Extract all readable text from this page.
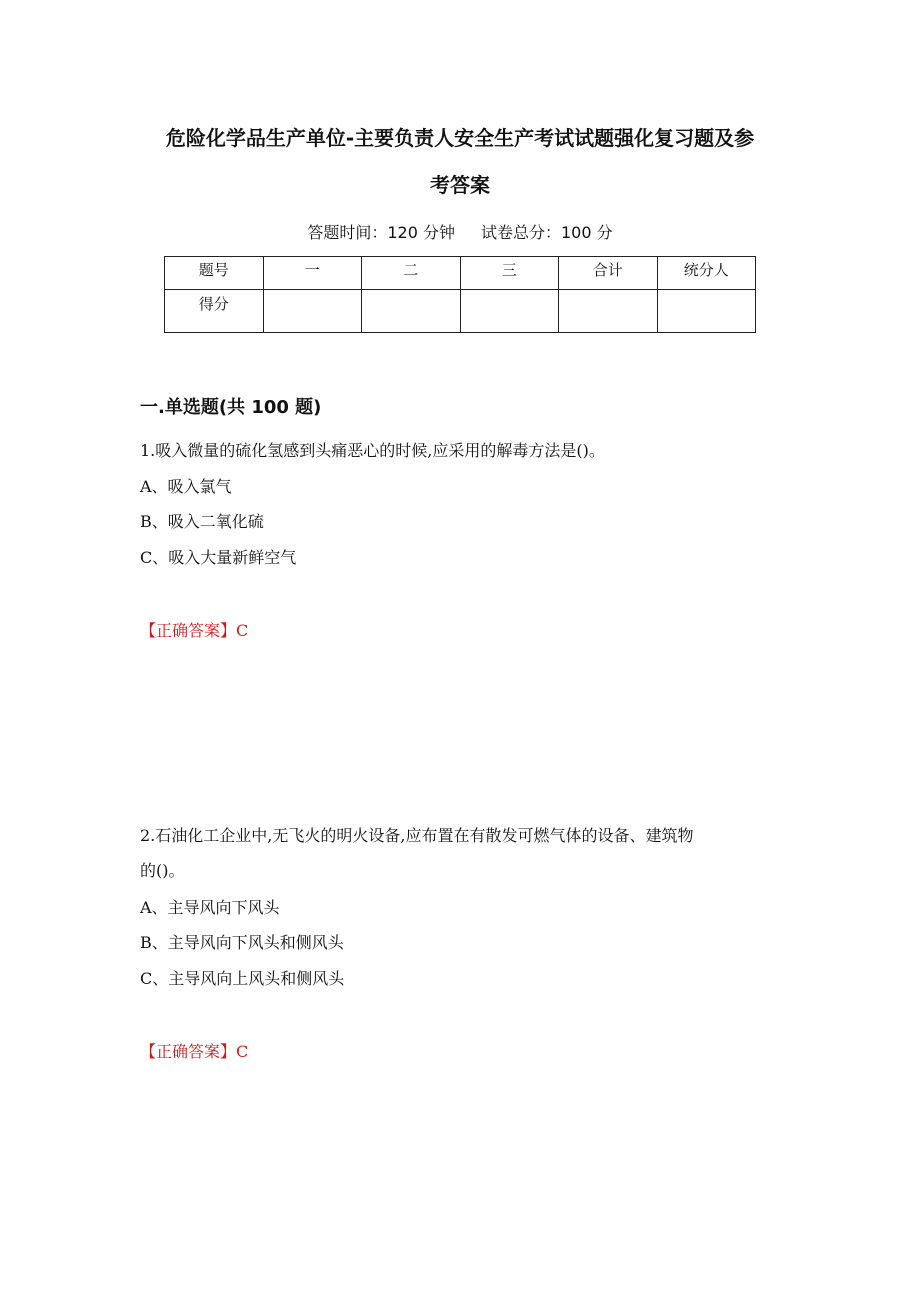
危险化学品生产单位-主要负责人安全生产考试试题强化复习题及参
考答案
答题时间：120 分钟 试卷总分：100 分
题号	一	二	三	合计	统分人
得分					
一.单选题(共 100 题)
1.吸入微量的硫化氢感到头痛恶心的时候,应采用的解毒方法是()。
A、吸入氯气
B、吸入二氧化硫
C、吸入大量新鲜空气
【正确答案】C
2.石油化工企业中,无飞火的明火设备,应布置在有散发可燃气体的设备、建筑物
的()。
A、主导风向下风头
B、主导风向下风头和侧风头
C、主导风向上风头和侧风头
【正确答案】C
